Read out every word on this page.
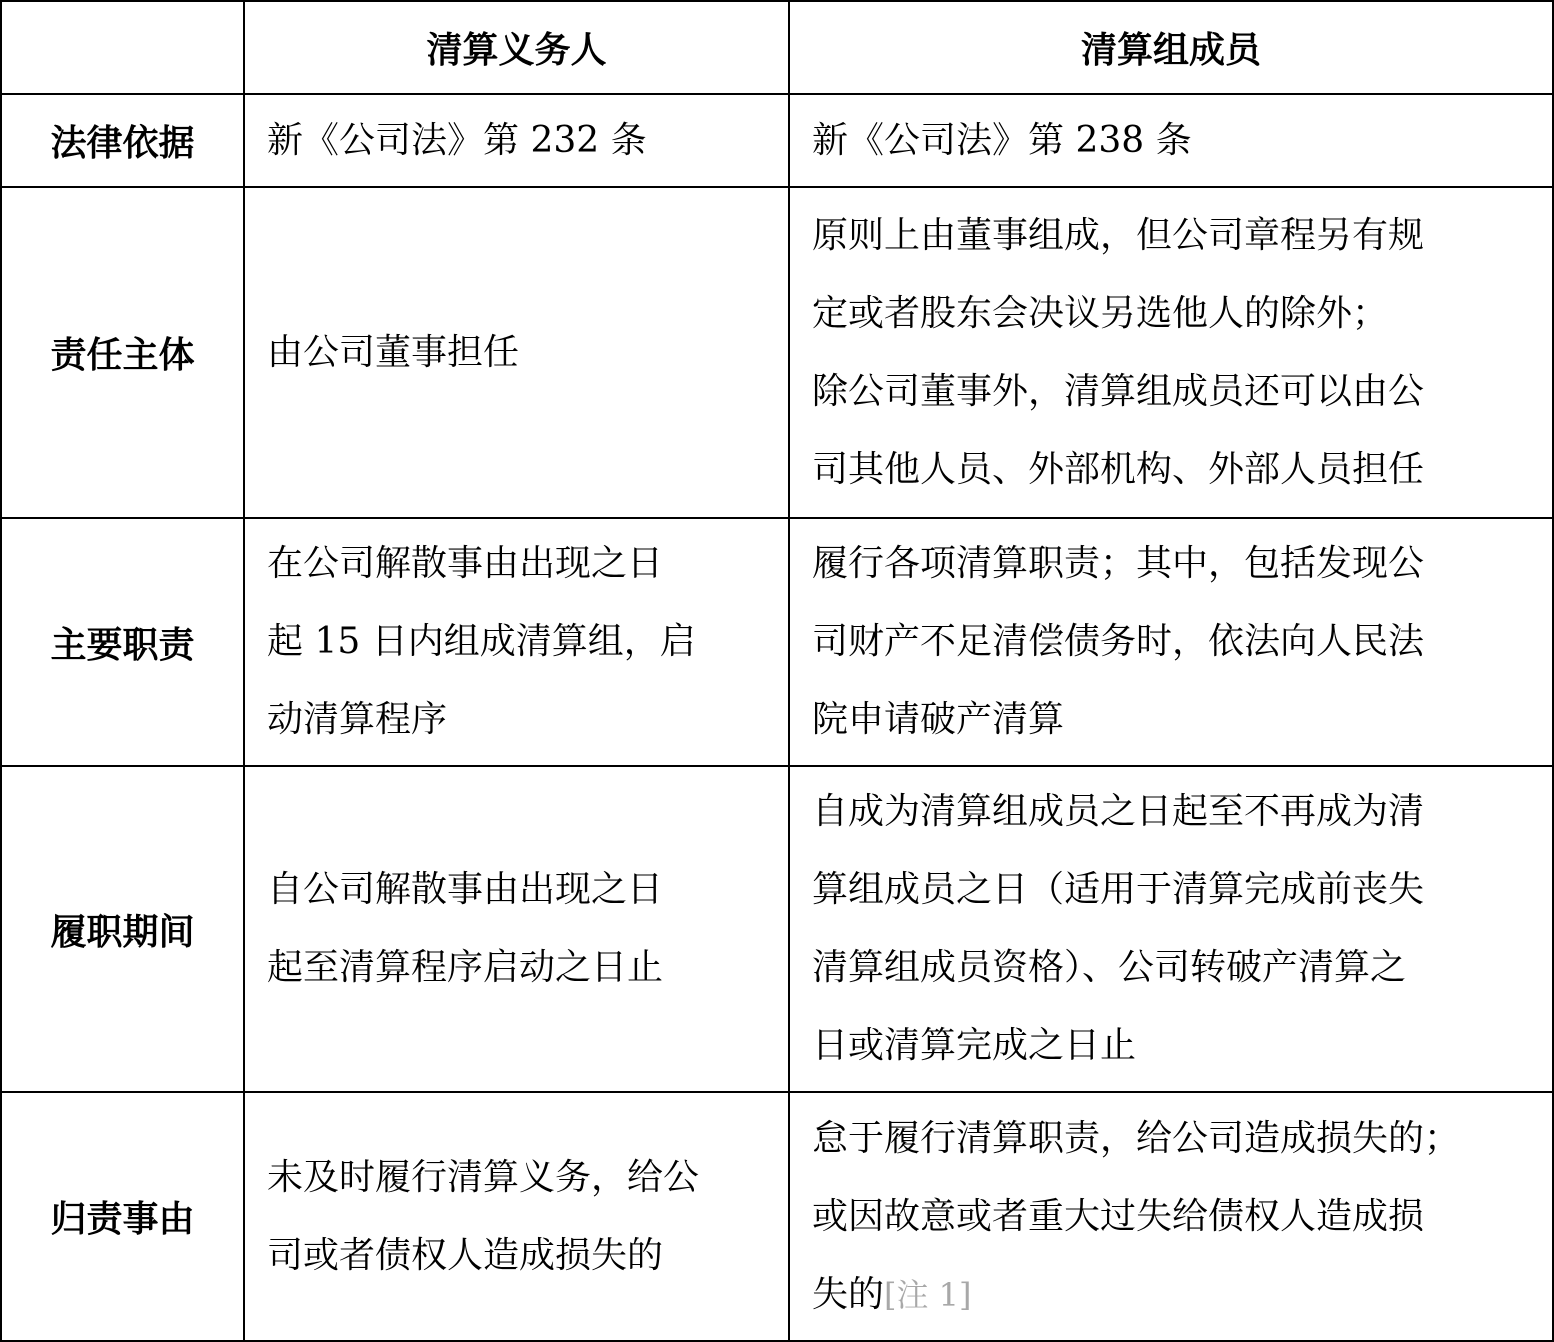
	清算义务人	清算组成员
法律依据	新《公司法》第 232 条	新《公司法》第 238 条

责任主体	由公司董事担任	原则上由董事组成，但公司章程另有规
定或者股东会决议另选他人的除外；
除公司董事外，清算组成员还可以由公
司其他人员、外部机构、外部人员担任

主要职责	在公司解散事由出现之日
起 15 日内组成清算组，启
动清算程序	履行各项清算职责；其中，包括发现公
司财产不足清偿债务时，依法向人民法
院申请破产清算

履职期间	自公司解散事由出现之日
起至清算程序启动之日止	自成为清算组成员之日起至不再成为清
算组成员之日（适用于清算完成前丧失
清算组成员资格）、公司转破产清算之
日或清算完成之日止

归责事由	未及时履行清算义务，给公
司或者债权人造成损失的	怠于履行清算职责，给公司造成损失的；
或因故意或者重大过失给债权人造成损
失的[注 1]
